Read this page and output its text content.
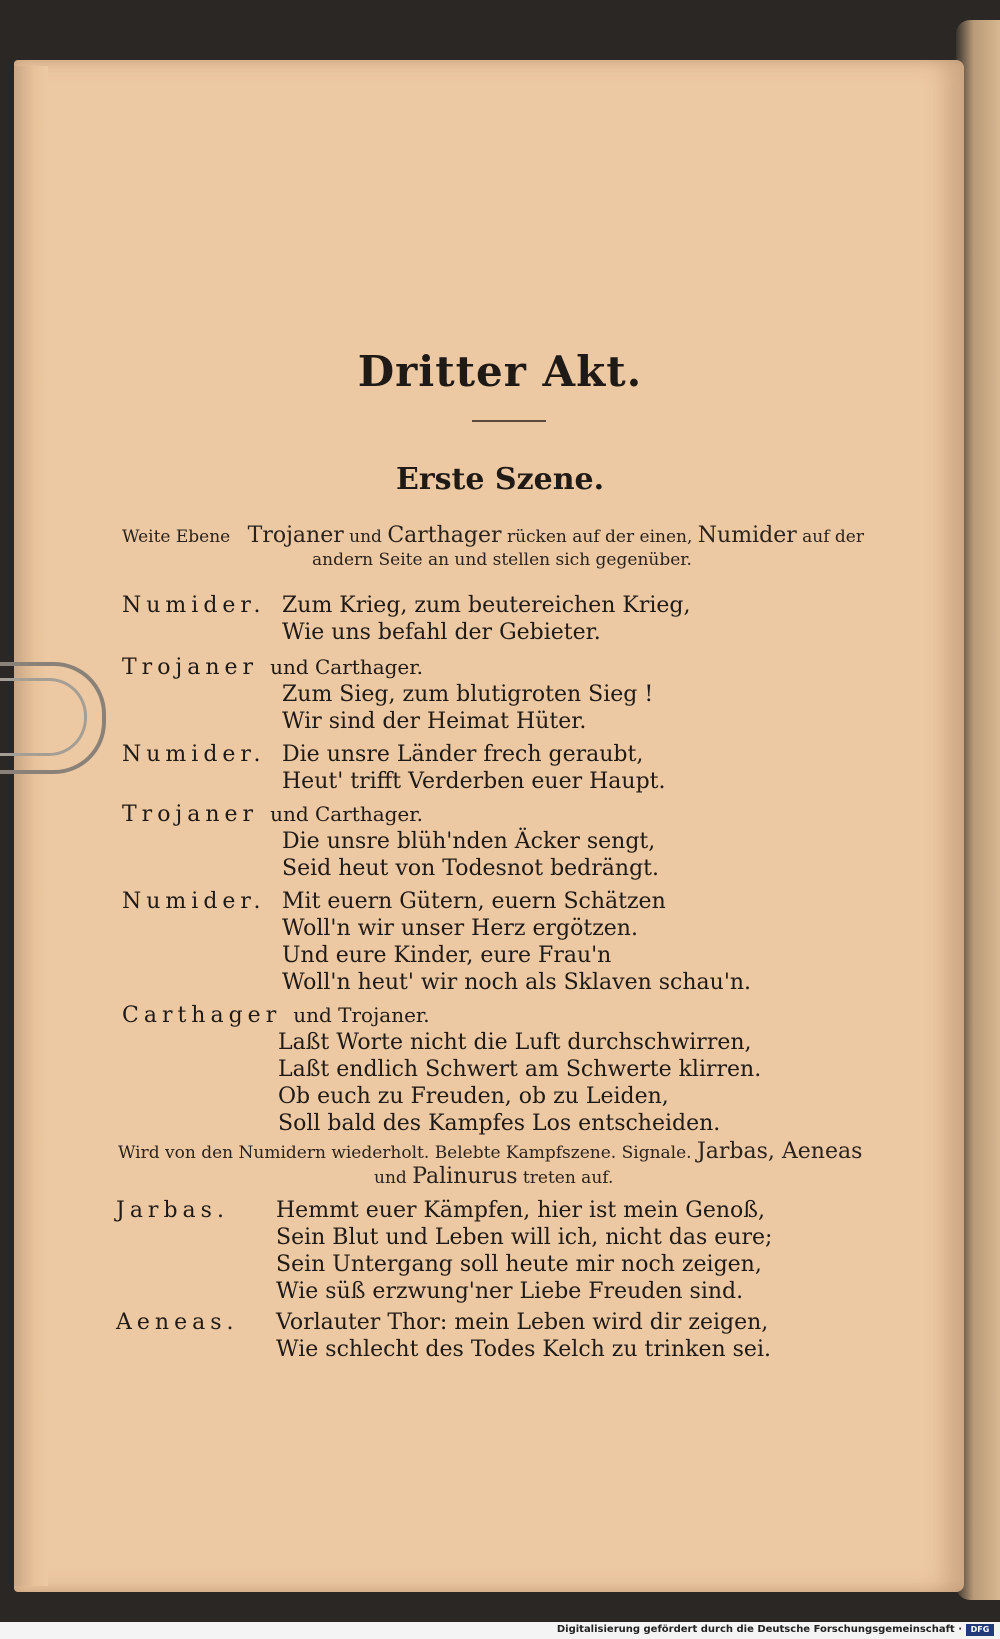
Dritter Akt.
Erste Szene.
Weite Ebene Trojaner und Carthager rücken auf der einen, Numider auf der
andern Seite an und stellen sich gegenüber.
Numider. Zum Krieg, zum beutereichen Krieg,
Wie uns befahl der Gebieter.
Trojaner und Carthager.
Zum Sieg, zum blutigroten Sieg !
Wir sind der Heimat Hüter.
Numider. Die unsre Länder frech geraubt,
Heut' trifft Verderben euer Haupt.
Trojaner und Carthager.
Die unsre blüh'nden Äcker sengt,
Seid heut von Todesnot bedrängt.
Numider. Mit euern Gütern, euern Schätzen
Woll'n wir unser Herz ergötzen.
Und eure Kinder, eure Frau'n
Woll'n heut' wir noch als Sklaven schau'n.
Carthager und Trojaner.
Laßt Worte nicht die Luft durchschwirren,
Laßt endlich Schwert am Schwerte klirren.
Ob euch zu Freuden, ob zu Leiden,
Soll bald des Kampfes Los entscheiden.
Wird von den Numidern wiederholt. Belebte Kampfszene. Signale. Jarbas, Aeneas
und Palinurus treten auf.
Jarbas. Hemmt euer Kämpfen, hier ist mein Genoß,
Sein Blut und Leben will ich, nicht das eure;
Sein Untergang soll heute mir noch zeigen,
Wie süß erzwung'ner Liebe Freuden sind.
Aeneas. Vorlauter Thor: mein Leben wird dir zeigen,
Wie schlecht des Todes Kelch zu trinken sei.
Digitalisierung gefördert durch die Deutsche Forschungsgemeinschaft ·	DFG
